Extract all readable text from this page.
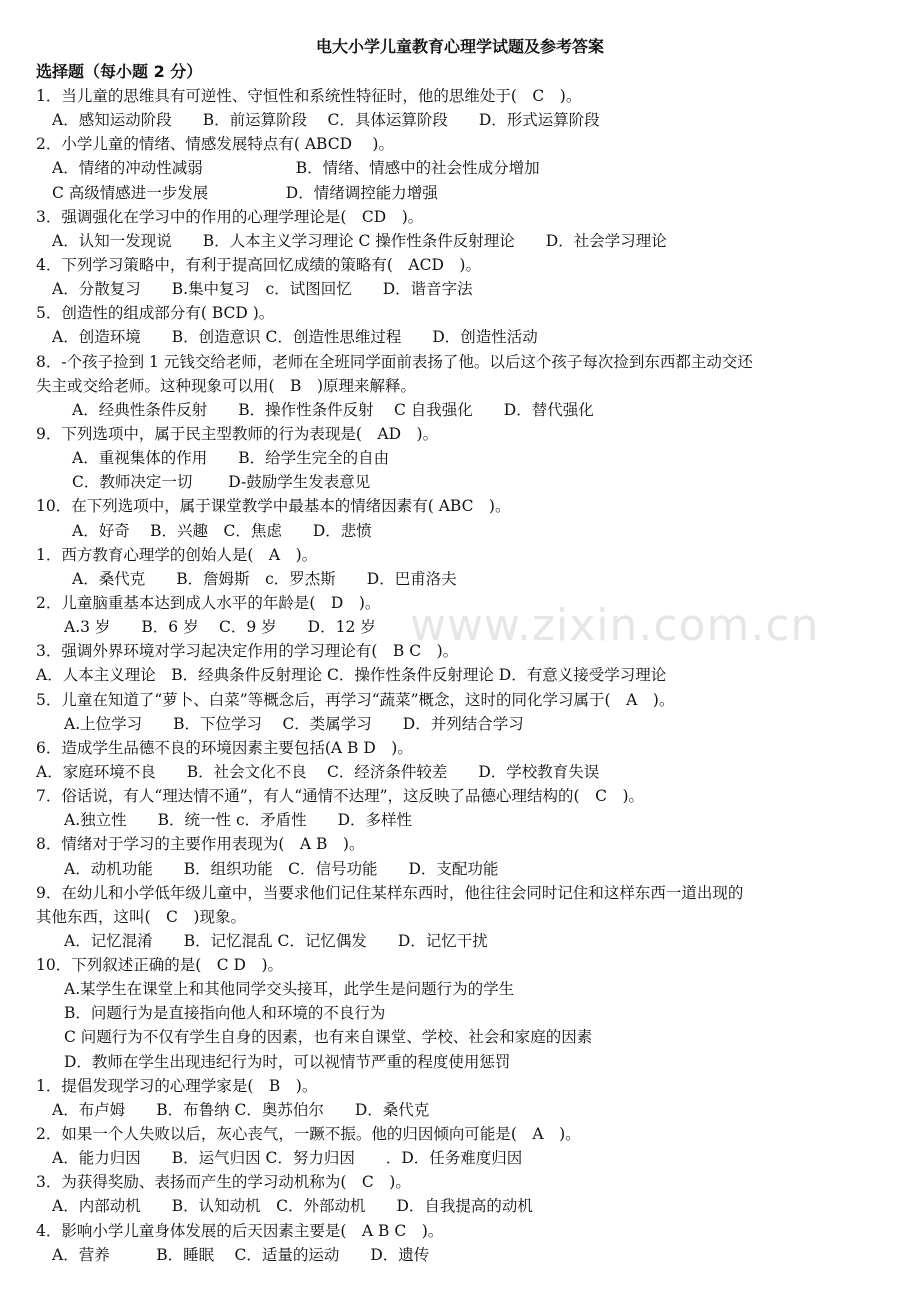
www.zixin.com.cn
电大小学儿童教育心理学试题及参考答案
选择题（每小题 2 分）
1．当儿童的思维具有可逆性、守恒性和系统性特征时，他的思维处于(　C　)。
A．感知运动阶段　　B．前运算阶段　 C．具体运算阶段　　D．形式运算阶段
2．小学儿童的情绪、情感发展特点有( ABCD　 )。
A．情绪的冲动性减弱　　　　　　B．情绪、情感中的社会性成分增加
C 高级情感进一步发展　　　　　D．情绪调控能力增强
3．强调强化在学习中的作用的心理学理论是(　CD　)。
A．认知一发现说　　B．人本主义学习理论 C 操作性条件反射理论　　D．社会学习理论
4．下列学习策略中，有利于提高回忆成绩的策略有(　ACD　)。
A．分散复习　　B.集中复习　c．试图回忆　　D．谐音字法
5．创造性的组成部分有( BCD )。
A．创造环境　　B．创造意识 C．创造性思维过程　　D．创造性活动
8．-个孩子捡到 1 元钱交给老师，老师在全班同学面前表扬了他。以后这个孩子每次捡到东西都主动交还
失主或交给老师。这种现象可以用(　B　)原理来解释。
A．经典性条件反射　　B．操作性条件反射　 C 自我强化　　D．替代强化
9．下列选项中，属于民主型教师的行为表现是(　AD　)。
A．重视集体的作用　　B．给学生完全的自由
C．教师决定一切　　 D-鼓励学生发表意见
10．在下列选项中，属于课堂教学中最基本的情绪因素有( ABC　)。
A．好奇　 B．兴趣　C．焦虑　　D．悲愤
1．西方教育心理学的创始人是(　A　)。
A．桑代克　　B．詹姆斯　c．罗杰斯　　D．巴甫洛夫
2．儿童脑重基本达到成人水平的年龄是(　D　)。
A.3 岁　　B．6 岁　 C．9 岁　　D．12 岁
3．强调外界环境对学习起决定作用的学习理论有(　B C　)。
A．人本主义理论　B．经典条件反射理论 C．操作性条件反射理论 D．有意义接受学习理论
5．儿童在知道了“萝卜、白菜”等概念后，再学习“蔬菜”概念，这时的同化学习属于(　A　)。
A.上位学习　　B．下位学习　 C．类属学习　　D．并列结合学习
6．造成学生品德不良的环境因素主要包括(A B D　)。
A．家庭环境不良　　B．社会文化不良　 C．经济条件较差　　D．学校教育失误
7．俗话说，有人“理达情不通”，有人“通情不达理”，这反映了品德心理结构的(　C　)。
A.独立性　　B．统一性 c．矛盾性　　D．多样性
8．情绪对于学习的主要作用表现为(　A B　)。
A．动机功能　　B．组织功能　C．信号功能　　D．支配功能
9．在幼儿和小学低年级儿童中，当要求他们记住某样东西时，他往往会同时记住和这样东西一道出现的
其他东西，这叫(　C　)现象。
A．记忆混淆　　B．记忆混乱 C．记忆偶发　　D．记忆干扰
10．下列叙述正确的是(　C D　)。
A.某学生在课堂上和其他同学交头接耳，此学生是问题行为的学生
B．问题行为是直接指向他人和环境的不良行为
C 问题行为不仅有学生自身的因素，也有来自课堂、学校、社会和家庭的因素
D．教师在学生出现违纪行为时，可以视情节严重的程度使用惩罚
1．提倡发现学习的心理学家是(　B　)。
A．布卢姆　　B．布鲁纳 C．奥苏伯尔　　D．桑代克
2．如果一个人失败以后，灰心丧气，一蹶不振。他的归因倾向可能是(　A　)。
A．能力归因　　B．运气归因 C．努力归因　　．D．任务难度归因
3．为获得奖励、表扬而产生的学习动机称为(　C　)。
A．内部动机　　B．认知动机　C．外部动机　　D．自我提高的动机
4．影响小学儿童身体发展的后天因素主要是(　A B C　)。
A．营养　　　B．睡眠　 C．适量的运动　　D．遗传
